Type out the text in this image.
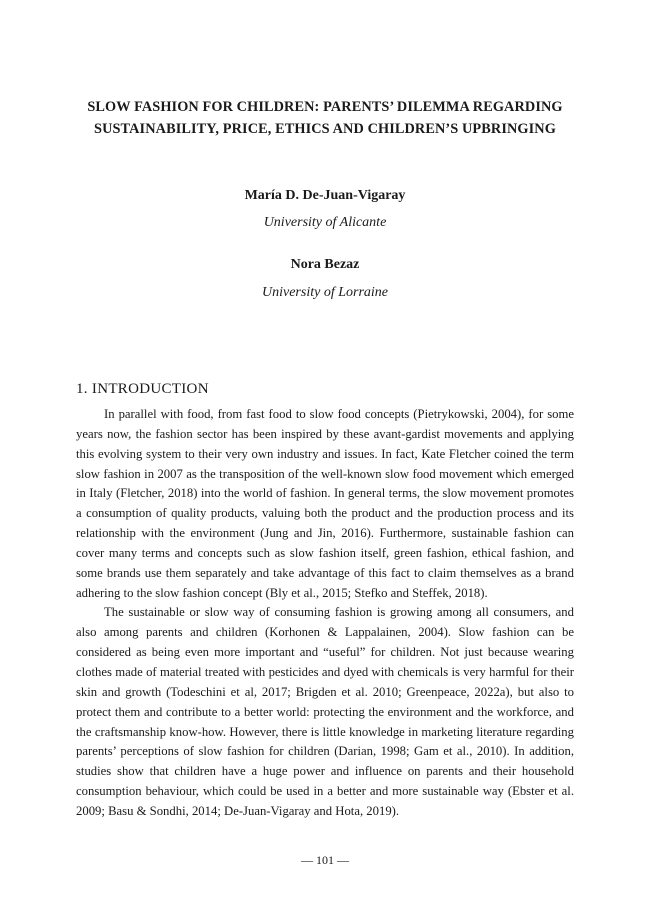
SLOW FASHION FOR CHILDREN: PARENTS’ DILEMMA REGARDING
SUSTAINABILITY, PRICE, ETHICS AND CHILDREN’S UPBRINGING
María D. De-Juan-Vigaray
University of Alicante
Nora Bezaz
University of Lorraine
1. INTRODUCTION

In parallel with food, from fast food to slow food concepts (Pietrykowski, 2004), for some years now, the fashion sector has been inspired by these avant-gardist movements and applying this evolving system to their very own industry and issues. In fact, Kate Fletcher coined the term slow fashion in 2007 as the transposition of the well-known slow food movement which emerged in Italy (Fletcher, 2018) into the world of fashion. In general terms, the slow movement promotes a consumption of quality products, valuing both the product and the production process and its relationship with the environment (Jung and Jin, 2016). Furthermore, sustainable fashion can cover many terms and concepts such as slow fashion itself, green fashion, ethical fashion, and some brands use them separately and take advantage of this fact to claim themselves as a brand adhering to the slow fashion concept (Bly et al., 2015; Stefko and Steffek, 2018).

The sustainable or slow way of consuming fashion is growing among all consumers, and also among parents and children (Korhonen & Lappalainen, 2004). Slow fashion can be considered as being even more important and “useful” for children. Not just because wearing clothes made of material treated with pesticides and dyed with chemicals is very harmful for their skin and growth (Todeschini et al, 2017; Brigden et al. 2010; Greenpeace, 2022a), but also to protect them and contribute to a better world: protecting the environment and the workforce, and the craftsmanship know-how. However, there is little knowledge in marketing literature regarding parents’ perceptions of slow fashion for children (Darian, 1998; Gam et al., 2010). In addition, studies show that children have a huge power and influence on parents and their household consumption behaviour, which could be used in a better and more sustainable way (Ebster et al. 2009; Basu & Sondhi, 2014; De-Juan-Vigaray and Hota, 2019).

— 101 —
